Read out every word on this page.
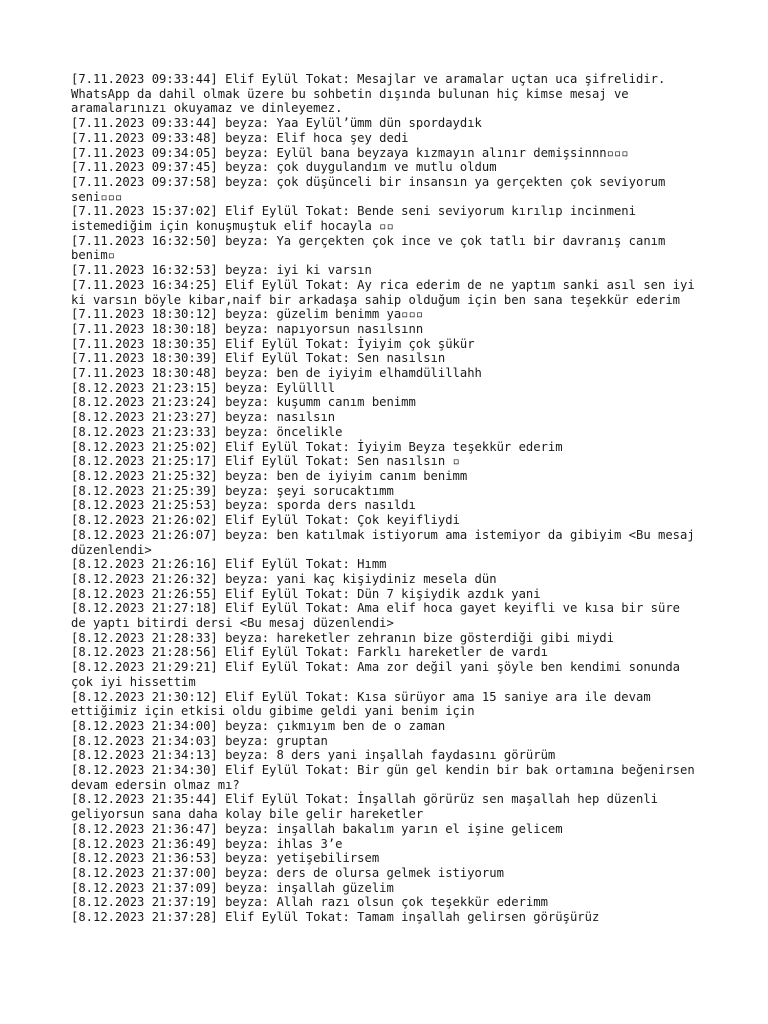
[7.11.2023 09:33:44] Elif Eylül Tokat: Mesajlar ve aramalar uçtan uca şifrelidir. WhatsApp da dahil olmak üzere bu sohbetin dışında bulunan hiç kimse mesaj ve aramalarınızı okuyamaz ve dinleyemez.
[7.11.2023 09:33:44] beyza: Yaa Eylül’ümm dün spordaydık
[7.11.2023 09:33:48] beyza: Elif hoca şey dedi
[7.11.2023 09:34:05] beyza: Eylül bana beyzaya kızmayın alınır demişsinnn▫▫▫
[7.11.2023 09:37:45] beyza: çok duygulandım ve mutlu oldum
[7.11.2023 09:37:58] beyza: çok düşünceli bir insansın ya gerçekten çok seviyorum seni▫▫▫
[7.11.2023 15:37:02] Elif Eylül Tokat: Bende seni seviyorum kırılıp incinmeni istemediğim için konuşmuştuk elif hocayla ▫▫
[7.11.2023 16:32:50] beyza: Ya gerçekten çok ince ve çok tatlı bir davranış canım benim▫
[7.11.2023 16:32:53] beyza: iyi ki varsın
[7.11.2023 16:34:25] Elif Eylül Tokat: Ay rica ederim de ne yaptım sanki asıl sen iyi ki varsın böyle kibar,naif bir arkadaşa sahip olduğum için ben sana teşekkür ederim
[7.11.2023 18:30:12] beyza: güzelim benimm ya▫▫▫
[7.11.2023 18:30:18] beyza: napıyorsun nasılsınn
[7.11.2023 18:30:35] Elif Eylül Tokat: İyiyim çok şükür
[7.11.2023 18:30:39] Elif Eylül Tokat: Sen nasılsın
[7.11.2023 18:30:48] beyza: ben de iyiyim elhamdülillahh
[8.12.2023 21:23:15] beyza: Eylüllll
[8.12.2023 21:23:24] beyza: kuşumm canım benimm
[8.12.2023 21:23:27] beyza: nasılsın
[8.12.2023 21:23:33] beyza: öncelikle
[8.12.2023 21:25:02] Elif Eylül Tokat: İyiyim Beyza teşekkür ederim
[8.12.2023 21:25:17] Elif Eylül Tokat: Sen nasılsın ▫
[8.12.2023 21:25:32] beyza: ben de iyiyim canım benimm
[8.12.2023 21:25:39] beyza: şeyi sorucaktımm
[8.12.2023 21:25:53] beyza: sporda ders nasıldı
[8.12.2023 21:26:02] Elif Eylül Tokat: Çok keyifliydi
[8.12.2023 21:26:07] beyza: ben katılmak istiyorum ama istemiyor da gibiyim <Bu mesaj düzenlendi>
[8.12.2023 21:26:16] Elif Eylül Tokat: Hımm
[8.12.2023 21:26:32] beyza: yani kaç kişiydiniz mesela dün
[8.12.2023 21:26:55] Elif Eylül Tokat: Dün 7 kişiydik azdık yani
[8.12.2023 21:27:18] Elif Eylül Tokat: Ama elif hoca gayet keyifli ve kısa bir süre de yaptı bitirdi dersi <Bu mesaj düzenlendi>
[8.12.2023 21:28:33] beyza: hareketler zehranın bize gösterdiği gibi miydi
[8.12.2023 21:28:56] Elif Eylül Tokat: Farklı hareketler de vardı
[8.12.2023 21:29:21] Elif Eylül Tokat: Ama zor değil yani şöyle ben kendimi sonunda çok iyi hissettim
[8.12.2023 21:30:12] Elif Eylül Tokat: Kısa sürüyor ama 15 saniye ara ile devam ettiğimiz için etkisi oldu gibime geldi yani benim için
[8.12.2023 21:34:00] beyza: çıkmıyım ben de o zaman
[8.12.2023 21:34:03] beyza: gruptan
[8.12.2023 21:34:13] beyza: 8 ders yani inşallah faydasını görürüm
[8.12.2023 21:34:30] Elif Eylül Tokat: Bir gün gel kendin bir bak ortamına beğenirsen devam edersin olmaz mı?
[8.12.2023 21:35:44] Elif Eylül Tokat: İnşallah görürüz sen maşallah hep düzenli geliyorsun sana daha kolay bile gelir hareketler
[8.12.2023 21:36:47] beyza: inşallah bakalım yarın el işine gelicem
[8.12.2023 21:36:49] beyza: ihlas 3’e
[8.12.2023 21:36:53] beyza: yetişebilirsem
[8.12.2023 21:37:00] beyza: ders de olursa gelmek istiyorum
[8.12.2023 21:37:09] beyza: inşallah güzelim
[8.12.2023 21:37:19] beyza: Allah razı olsun çok teşekkür ederimm
[8.12.2023 21:37:28] Elif Eylül Tokat: Tamam inşallah gelirsen görüşürüz
